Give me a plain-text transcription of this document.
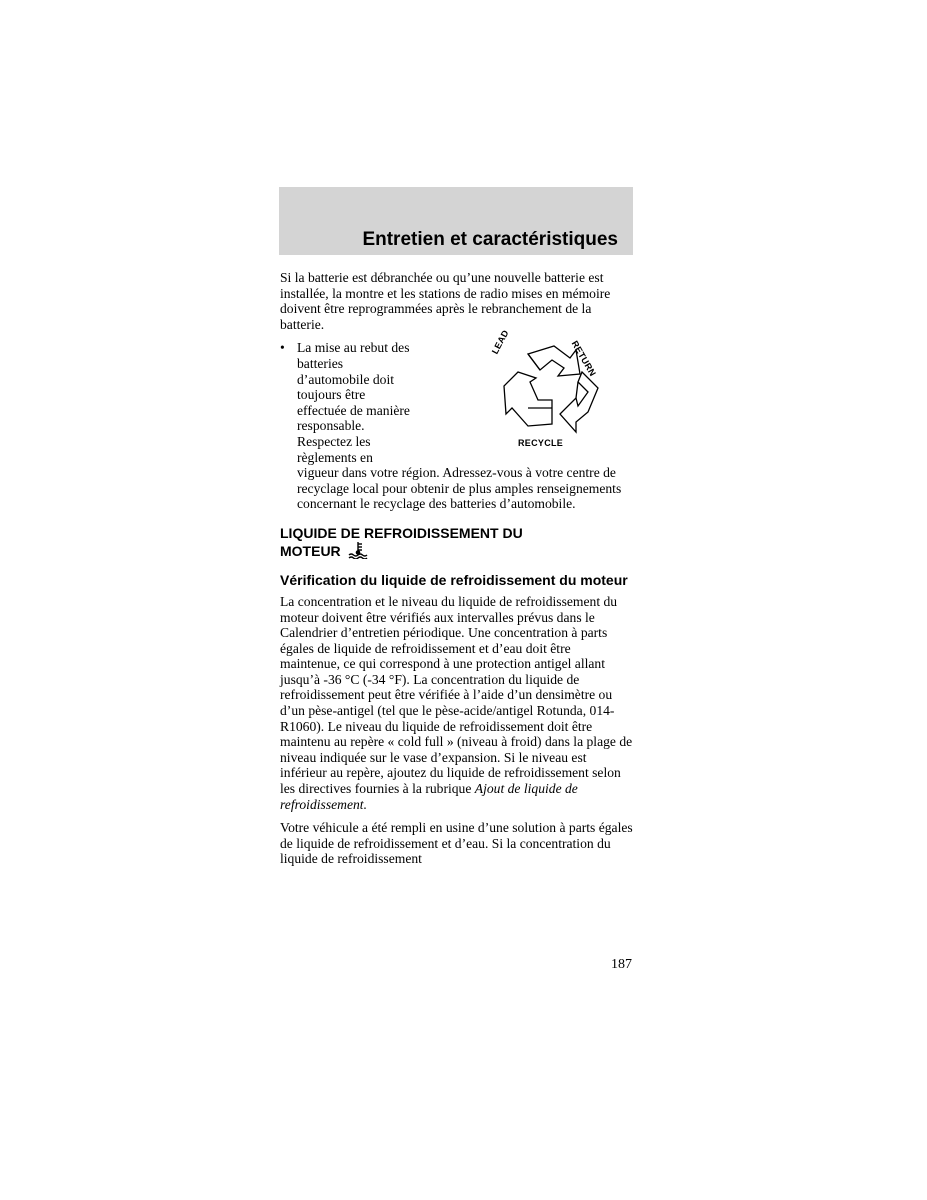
Entretien et caractéristiques

Si la batterie est débranchée ou qu’une nouvelle batterie est installée, la montre et les stations de radio mises en mémoire doivent être reprogrammées après le rebranchement de la batterie.

• La mise au rebut des
batteries
d’automobile doit
toujours être
effectuée de manière
responsable.
Respectez les
règlements en
vigueur dans votre région. Adressez-vous à votre centre de recyclage local pour obtenir de plus amples renseignements concernant le recyclage des batteries d’automobile.
LEAD	RETURN
RECYCLE
LIQUIDE DE REFROIDISSEMENT DU
MOTEUR
Vérification du liquide de refroidissement du moteur

La concentration et le niveau du liquide de refroidissement du moteur doivent être vérifiés aux intervalles prévus dans le Calendrier d’entretien périodique. Une concentration à parts égales de liquide de refroidissement et d’eau doit être maintenue, ce qui correspond à une protection antigel allant jusqu’à -36 °C (-34 °F). La concentration du liquide de refroidissement peut être vérifiée à l’aide d’un densimètre ou d’un pèse-antigel (tel que le pèse-acide/antigel Rotunda, 014-R1060). Le niveau du liquide de refroidissement doit être maintenu au repère « cold full » (niveau à froid) dans la plage de niveau indiquée sur le vase d’expansion. Si le niveau est inférieur au repère, ajoutez du liquide de refroidissement selon les directives fournies à la rubrique Ajout de liquide de refroidissement.

Votre véhicule a été rempli en usine d’une solution à parts égales de liquide de refroidissement et d’eau. Si la concentration du liquide de refroidissement

187
